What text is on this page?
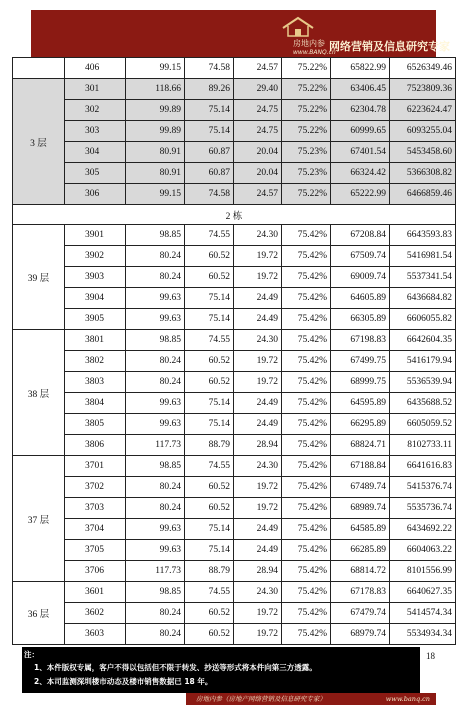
房地内参
www.BANQ.cn
网络营销及信息研究专家
	406	99.15	74.58	24.57	75.22%	65822.99	6526349.46
3 层	301	118.66	89.26	29.40	75.22%	63406.45	7523809.36
	302	99.89	75.14	24.75	75.22%	62304.78	6223624.47
	303	99.89	75.14	24.75	75.22%	60999.65	6093255.04
	304	80.91	60.87	20.04	75.23%	67401.54	5453458.60
	305	80.91	60.87	20.04	75.23%	66324.42	5366308.82
	306	99.15	74.58	24.57	75.22%	65222.99	6466859.46
2 栋							
39 层	3901	98.85	74.55	24.30	75.42%	67208.84	6643593.83
	3902	80.24	60.52	19.72	75.42%	67509.74	5416981.54
	3903	80.24	60.52	19.72	75.42%	69009.74	5537341.54
	3904	99.63	75.14	24.49	75.42%	64605.89	6436684.82
	3905	99.63	75.14	24.49	75.42%	66305.89	6606055.82
38 层	3801	98.85	74.55	24.30	75.42%	67198.83	6642604.35
	3802	80.24	60.52	19.72	75.42%	67499.75	5416179.94
	3803	80.24	60.52	19.72	75.42%	68999.75	5536539.94
	3804	99.63	75.14	24.49	75.42%	64595.89	6435688.52
	3805	99.63	75.14	24.49	75.42%	66295.89	6605059.52
	3806	117.73	88.79	28.94	75.42%	68824.71	8102733.11
37 层	3701	98.85	74.55	24.30	75.42%	67188.84	6641616.83
	3702	80.24	60.52	19.72	75.42%	67489.74	5415376.74
	3703	80.24	60.52	19.72	75.42%	68989.74	5535736.74
	3704	99.63	75.14	24.49	75.42%	64585.89	6434692.22
	3705	99.63	75.14	24.49	75.42%	66285.89	6604063.22
	3706	117.73	88.79	28.94	75.42%	68814.72	8101556.99
36 层	3601	98.85	74.55	24.30	75.42%	67178.83	6640627.35
	3602	80.24	60.52	19.72	75.42%	67479.74	5414574.34
	3603	80.24	60.52	19.72	75.42%	68979.74	5534934.34
注：
1、本件版权专属，客户不得以包括但不限于转发、抄送等形式将本件向第三方透露。
2、本司监测深圳楼市动态及楼市销售数据已 18 年。
18
房地内参（房地产网络营销及信息研究专家）	www.banq.cn
